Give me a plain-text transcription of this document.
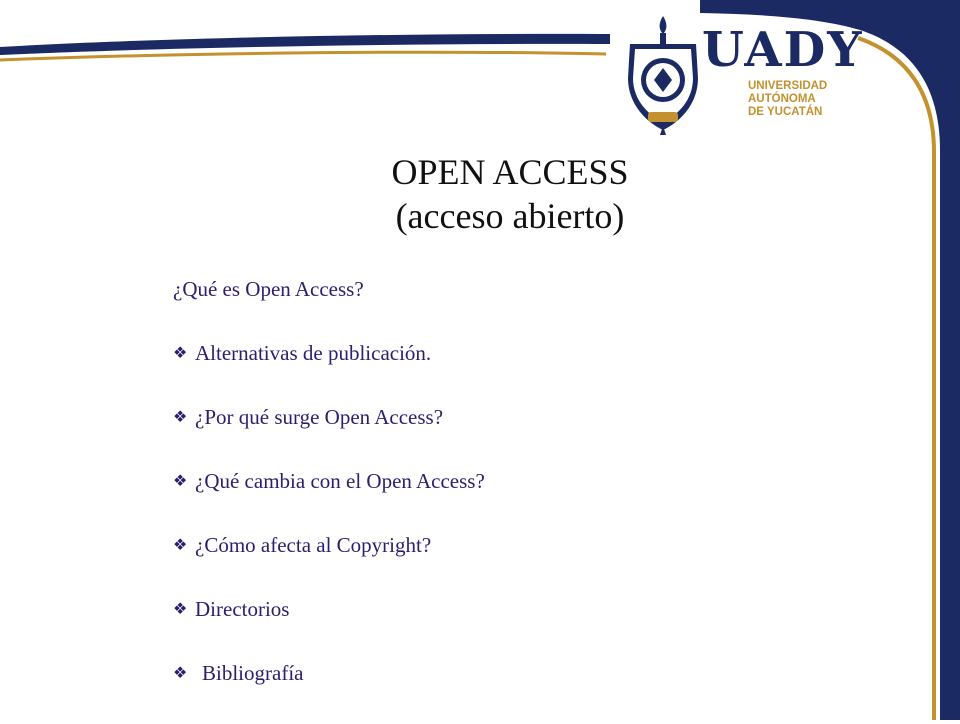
UADY
UNIVERSIDAD
AUTÓNOMA
DE YUCATÁN
OPEN ACCESS
(acceso abierto)
¿Qué es Open Access?
❖ Alternativas de publicación.
❖ ¿Por qué surge Open Access?
❖ ¿Qué cambia con el Open Access?
❖ ¿Cómo afecta al Copyright?
❖ Directorios
❖ Bibliografía
